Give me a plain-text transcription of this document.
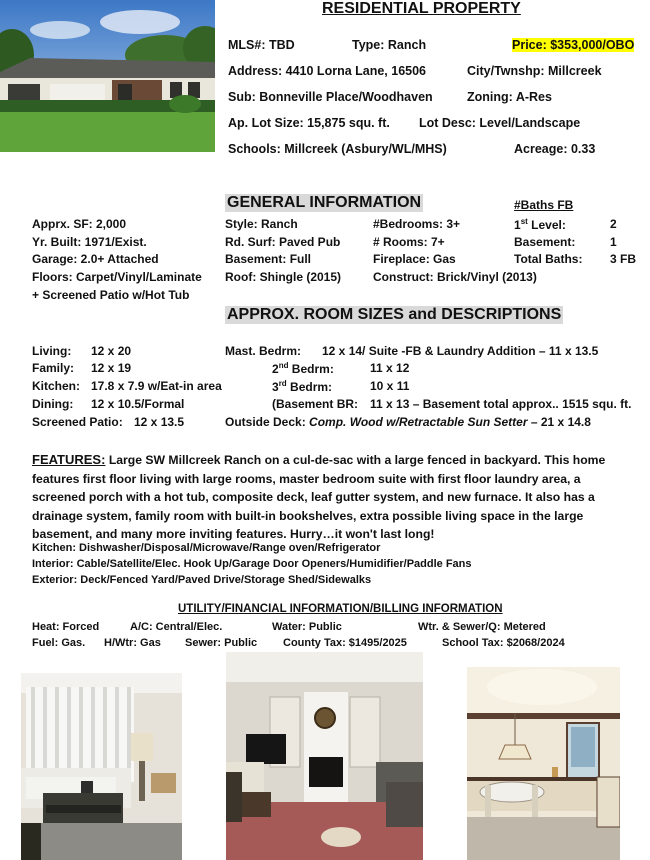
RESIDENTIAL PROPERTY
MLS#: TBD	Type: Ranch	Price: $353,000/OBO
Address: 4410 Lorna Lane, 16506	City/Twnshp: Millcreek
Sub: Bonneville Place/Woodhaven	Zoning: A-Res
Ap. Lot Size: 15,875 squ. ft. Lot Desc: Level/Landscape
Schools: Millcreek (Asbury/WL/MHS)	Acreage: 0.33
GENERAL INFORMATION	#Baths FB
Apprx. SF: 2,000
Yr. Built: 1971/Exist.
Garage: 2.0+ Attached
Floors: Carpet/Vinyl/Laminate
+ Screened Patio w/Hot Tub
Style: Ranch
Rd. Surf: Paved Pub
Basement: Full
Roof: Shingle (2015)
#Bedrooms: 3+
# Rooms: 7+
Fireplace: Gas
Construct: Brick/Vinyl (2013)
1st Level:	2
Basement:	1
Total Baths: 3 FB
APPROX. ROOM SIZES and DESCRIPTIONS
Living: 12 x 20
Family: 12 x 19
Kitchen: 17.8 x 7.9 w/Eat-in area
Dining: 12 x 10.5/Formal
Screened Patio: 12 x 13.5
Mast. Bedrm: 12 x 14/ Suite -FB & Laundry Addition – 11 x 13.5
2nd Bedrm:	11 x 12
3rd Bedrm:	10 x 11
(Basement BR: 11 x 13 – Basement total approx.. 1515 squ. ft.
Outside Deck: Comp. Wood w/Retractable Sun Setter – 21 x 14.8
FEATURES: Large SW Millcreek Ranch on a cul-de-sac with a large fenced in backyard. This home features first floor living with large rooms, master bedroom suite with first floor laundry area, a screened porch with a hot tub, composite deck, leaf gutter system, and new furnace. It also has a drainage system, family room with built-in bookshelves, extra possible living space in the large basement, and many more inviting features. Hurry…it won't last long!
Kitchen: Dishwasher/Disposal/Microwave/Range oven/Refrigerator
Interior: Cable/Satellite/Elec. Hook Up/Garage Door Openers/Humidifier/Paddle Fans
Exterior: Deck/Fenced Yard/Paved Drive/Storage Shed/Sidewalks
UTILITY/FINANCIAL INFORMATION/BILLING INFORMATION
Heat: Forced	A/C: Central/Elec.	Water: Public	Wtr. & Sewer/Q: Metered
Fuel: Gas. H/Wtr: Gas Sewer: Public County Tax: $1495/2025	School Tax: $2068/2024
